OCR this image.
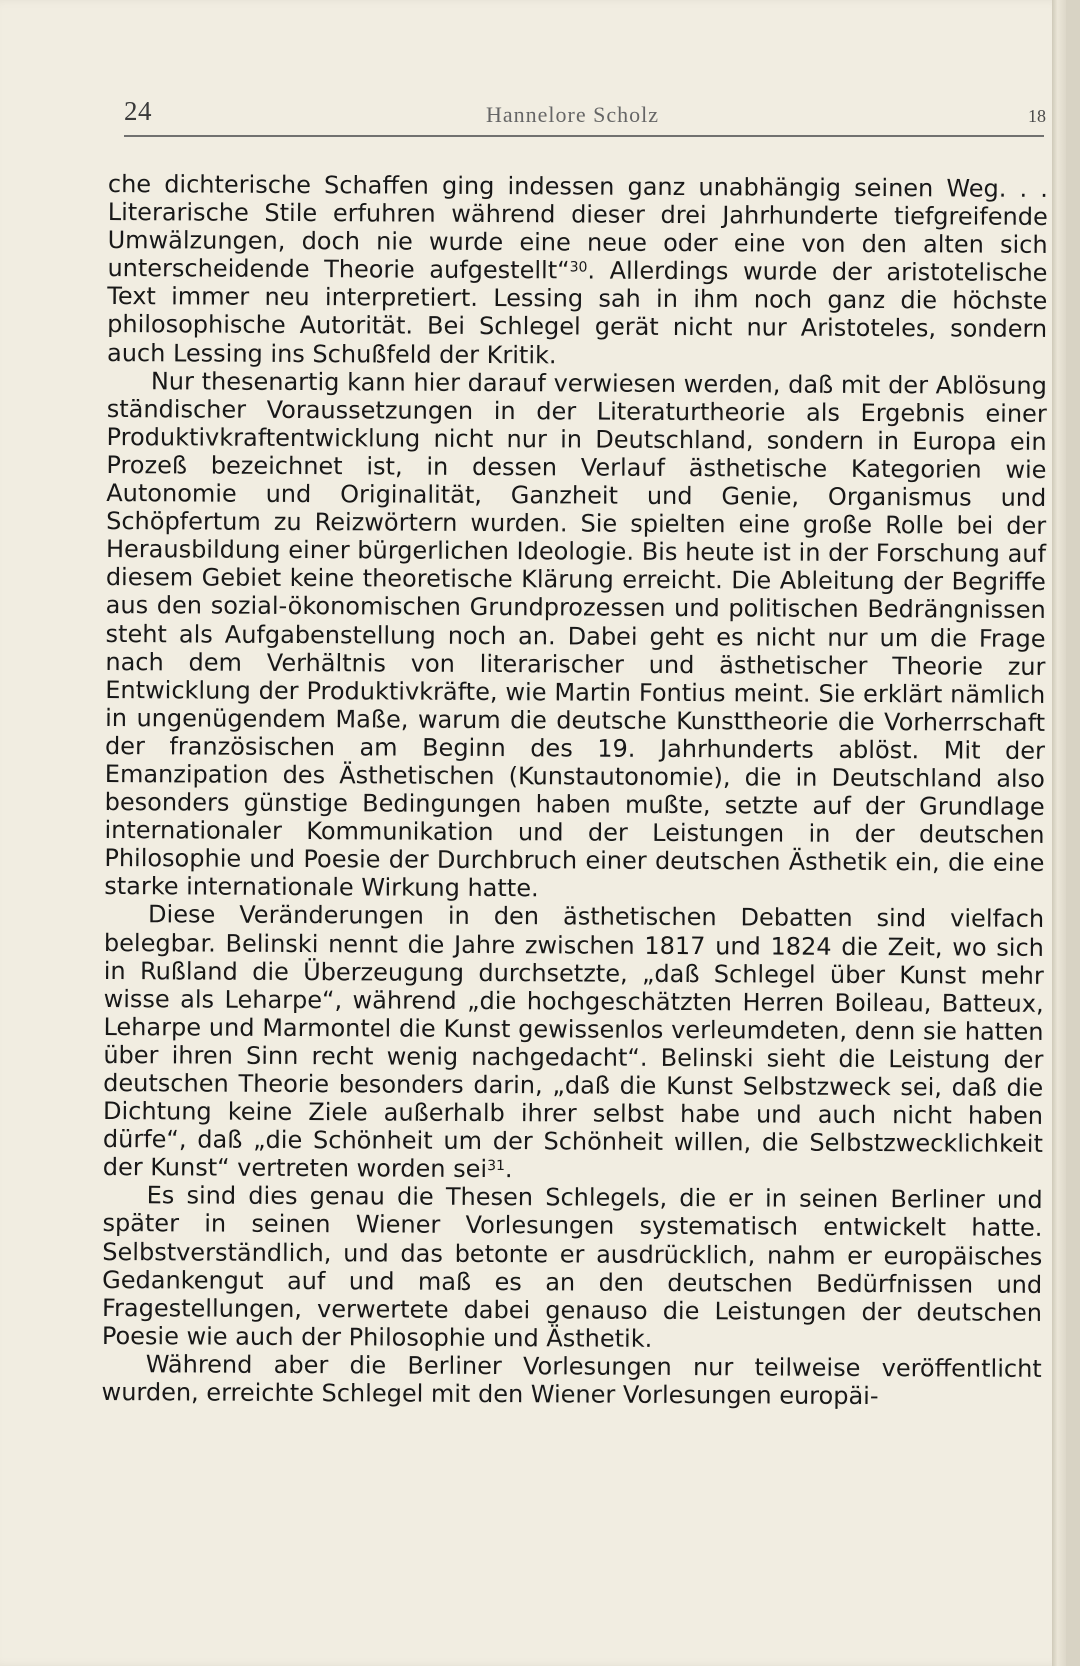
24	Hannelore Scholz	18

che dichterische Schaffen ging indessen ganz unabhängig seinen Weg. . . Literarische Stile erfuhren während dieser drei Jahrhunderte tiefgreifende Umwälzungen, doch nie wurde eine neue oder eine von den alten sich unterscheidende Theorie aufgestellt“$^{30}$. Allerdings wurde der aristotelische Text immer neu interpretiert. Lessing sah in ihm noch ganz die höchste philosophische Autorität. Bei Schlegel gerät nicht nur Aristoteles, sondern auch Lessing ins Schußfeld der Kritik.

Nur thesenartig kann hier darauf verwiesen werden, daß mit der Ablösung ständischer Voraussetzungen in der Literaturtheorie als Ergebnis einer Produktivkraftentwicklung nicht nur in Deutschland, sondern in Europa ein Prozeß bezeichnet ist, in dessen Verlauf ästhetische Kategorien wie Autonomie und Originalität, Ganzheit und Genie, Organismus und Schöpfertum zu Reizwörtern wurden. Sie spielten eine große Rolle bei der Herausbildung einer bürgerlichen Ideologie. Bis heute ist in der Forschung auf diesem Gebiet keine theoretische Klärung erreicht. Die Ableitung der Begriffe aus den sozial-ökonomischen Grundprozessen und politischen Bedrängnissen steht als Aufgabenstellung noch an. Dabei geht es nicht nur um die Frage nach dem Verhältnis von literarischer und ästhetischer Theorie zur Entwicklung der Produktivkräfte, wie Martin Fontius meint. Sie erklärt nämlich in ungenügendem Maße, warum die deutsche Kunsttheorie die Vorherrschaft der französischen am Beginn des 19. Jahrhunderts ablöst. Mit der Emanzipation des Ästhetischen (Kunstautonomie), die in Deutschland also besonders günstige Bedingungen haben mußte, setzte auf der Grundlage internationaler Kommunikation und der Leistungen in der deutschen Philosophie und Poesie der Durchbruch einer deutschen Ästhetik ein, die eine starke internationale Wirkung hatte.

Diese Veränderungen in den ästhetischen Debatten sind vielfach belegbar. Belinski nennt die Jahre zwischen 1817 und 1824 die Zeit, wo sich in Rußland die Überzeugung durchsetzte, „daß Schlegel über Kunst mehr wisse als Leharpe“, während „die hochgeschätzten Herren Boileau, Batteux, Leharpe und Marmontel die Kunst gewissenlos verleumdeten, denn sie hatten über ihren Sinn recht wenig nachgedacht“. Belinski sieht die Leistung der deutschen Theorie besonders darin, „daß die Kunst Selbstzweck sei, daß die Dichtung keine Ziele außerhalb ihrer selbst habe und auch nicht haben dürfe“, daß „die Schönheit um der Schönheit willen, die Selbstzwecklichkeit der Kunst“ vertreten worden sei$^{31}$.

Es sind dies genau die Thesen Schlegels, die er in seinen Berliner und später in seinen Wiener Vorlesungen systematisch entwickelt hatte. Selbstverständlich, und das betonte er ausdrücklich, nahm er europäisches Gedankengut auf und maß es an den deutschen Bedürfnissen und Fragestellungen, verwertete dabei genauso die Leistungen der deutschen Poesie wie auch der Philosophie und Ästhetik.

Während aber die Berliner Vorlesungen nur teilweise veröffentlicht wurden, erreichte Schlegel mit den Wiener Vorlesungen europäi-
